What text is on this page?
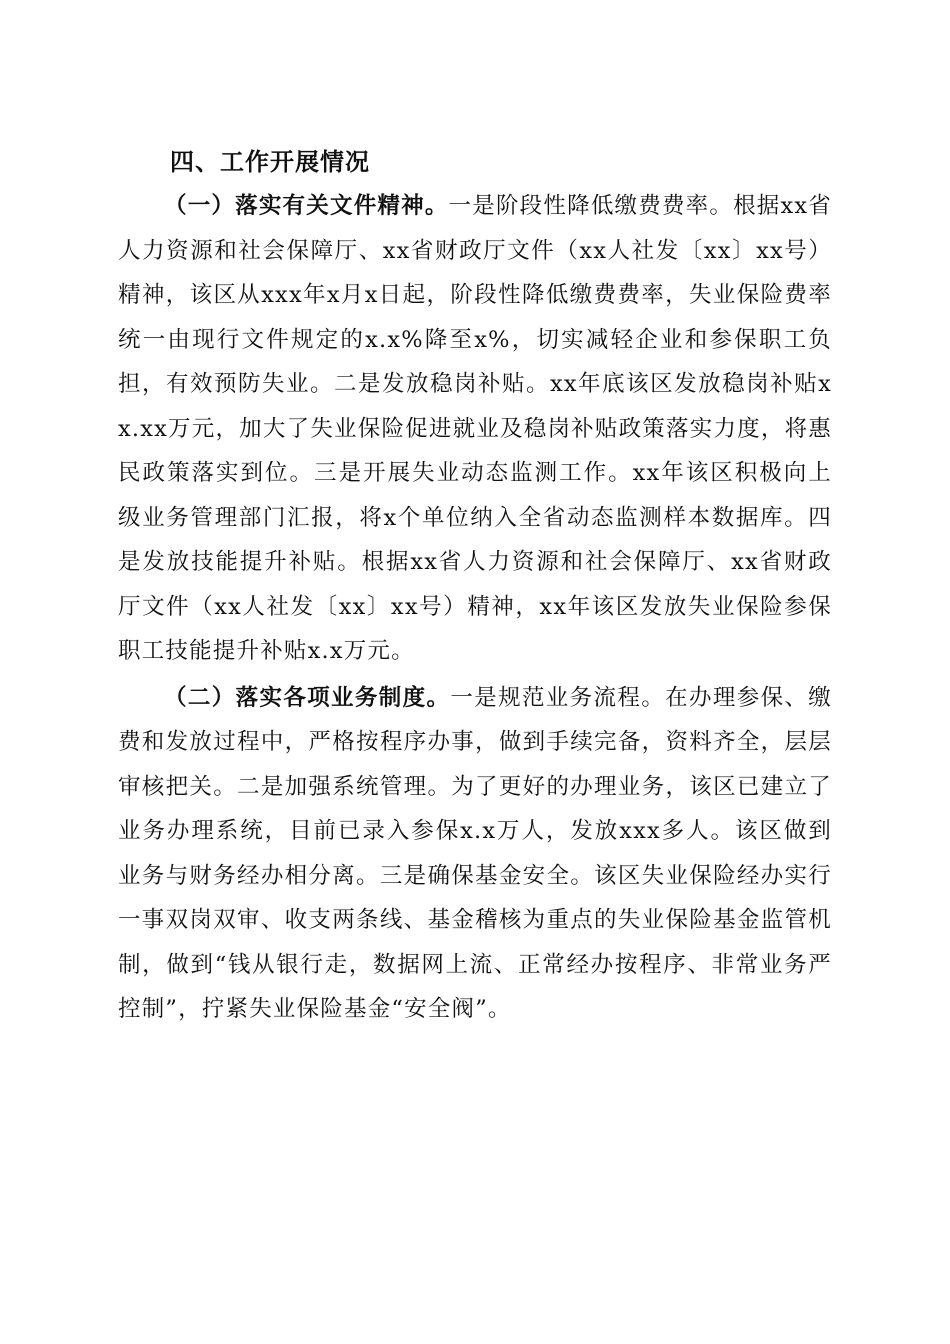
四、工作开展情况

（一）落实有关文件精神。一是阶段性降低缴费费率。根据xx省人力资源和社会保障厅、xx省财政厅文件（xx人社发〔xx〕xx号）精神，该区从xxx年x月x日起，阶段性降低缴费费率，失业保险费率统一由现行文件规定的x.x%降至x%，切实减轻企业和参保职工负担，有效预防失业。二是发放稳岗补贴。xx年底该区发放稳岗补贴xx.xx万元，加大了失业保险促进就业及稳岗补贴政策落实力度，将惠民政策落实到位。三是开展失业动态监测工作。xx年该区积极向上级业务管理部门汇报，将x个单位纳入全省动态监测样本数据库。四是发放技能提升补贴。根据xx省人力资源和社会保障厅、xx省财政厅文件（xx人社发〔xx〕xx号）精神，xx年该区发放失业保险参保职工技能提升补贴x.x万元。

（二）落实各项业务制度。一是规范业务流程。在办理参保、缴费和发放过程中，严格按程序办事，做到手续完备，资料齐全，层层审核把关。二是加强系统管理。为了更好的办理业务，该区已建立了业务办理系统，目前已录入参保x.x万人，发放xxx多人。该区做到业务与财务经办相分离。三是确保基金安全。该区失业保险经办实行一事双岗双审、收支两条线、基金稽核为重点的失业保险基金监管机制，做到“钱从银行走，数据网上流、正常经办按程序、非常业务严控制”，拧紧失业保险基金“安全阀”。
